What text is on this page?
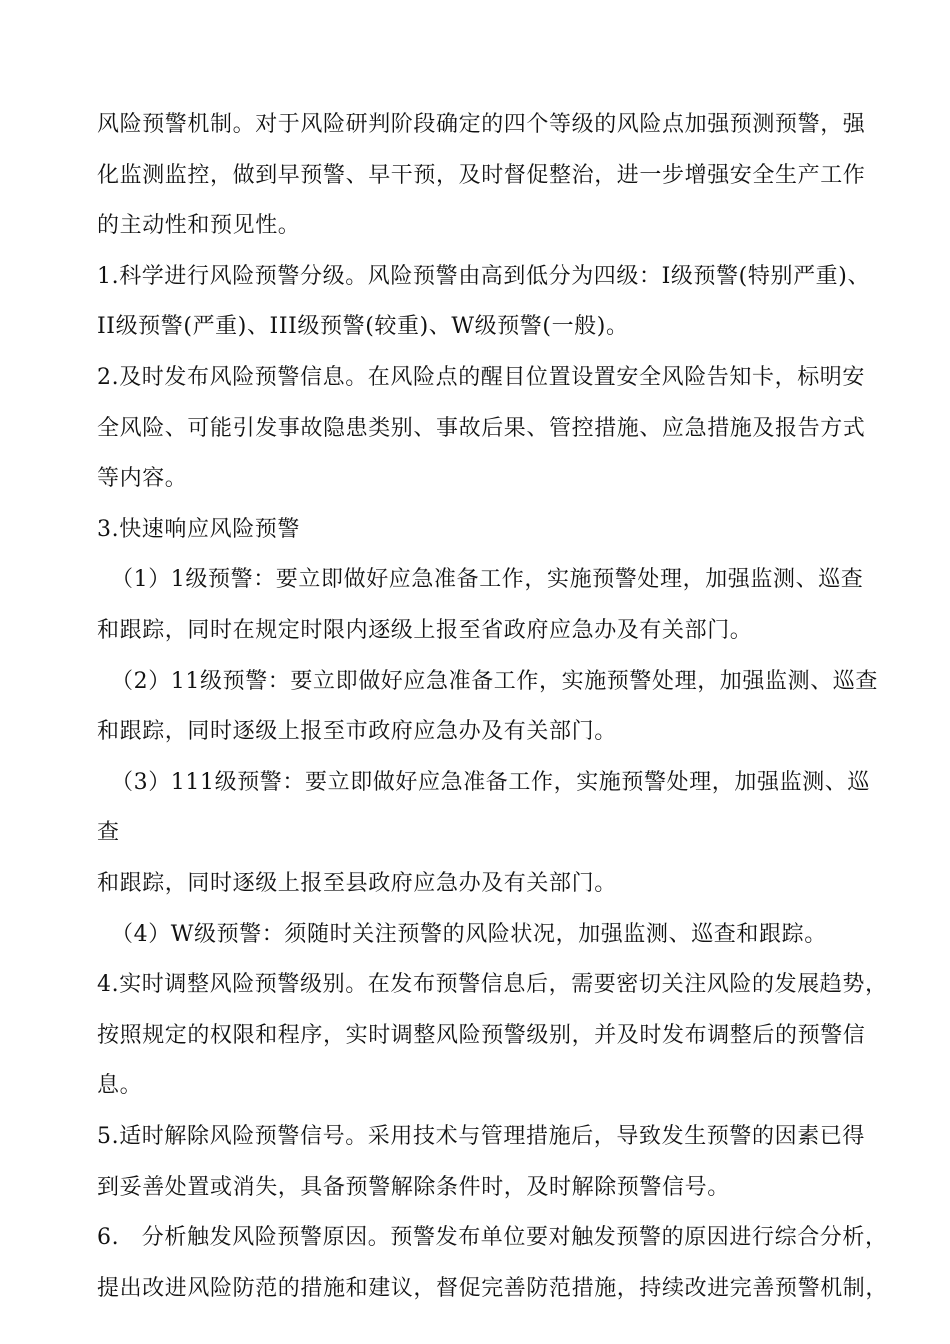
风险预警机制。对于风险研判阶段确定的四个等级的风险点加强预测预警，强
化监测监控，做到早预警、早干预，及时督促整治，进一步增强安全生产工作
的主动性和预见性。
1.科学进行风险预警分级。风险预警由高到低分为四级：I级预警(特别严重)、
II级预警(严重)、III级预警(较重)、W级预警(一般)。
2.及时发布风险预警信息。在风险点的醒目位置设置安全风险告知卡，标明安
全风险、可能引发事故隐患类别、事故后果、管控措施、应急措施及报告方式
等内容。
3.快速响应风险预警
（1）1级预警：要立即做好应急准备工作，实施预警处理，加强监测、巡查
和跟踪，同时在规定时限内逐级上报至省政府应急办及有关部门。
（2）11级预警：要立即做好应急准备工作，实施预警处理，加强监测、巡查
和跟踪，同时逐级上报至市政府应急办及有关部门。
（3）111级预警：要立即做好应急准备工作，实施预警处理，加强监测、巡
查
和跟踪，同时逐级上报至县政府应急办及有关部门。
（4）W级预警：须随时关注预警的风险状况，加强监测、巡查和跟踪。
4.实时调整风险预警级别。在发布预警信息后，需要密切关注风险的发展趋势，
按照规定的权限和程序，实时调整风险预警级别，并及时发布调整后的预警信
息。
5.适时解除风险预警信号。采用技术与管理措施后，导致发生预警的因素已得
到妥善处置或消失，具备预警解除条件时，及时解除预警信号。
6.　分析触发风险预警原因。预警发布单位要对触发预警的原因进行综合分析，
提出改进风险防范的措施和建议，督促完善防范措施，持续改进完善预警机制，
